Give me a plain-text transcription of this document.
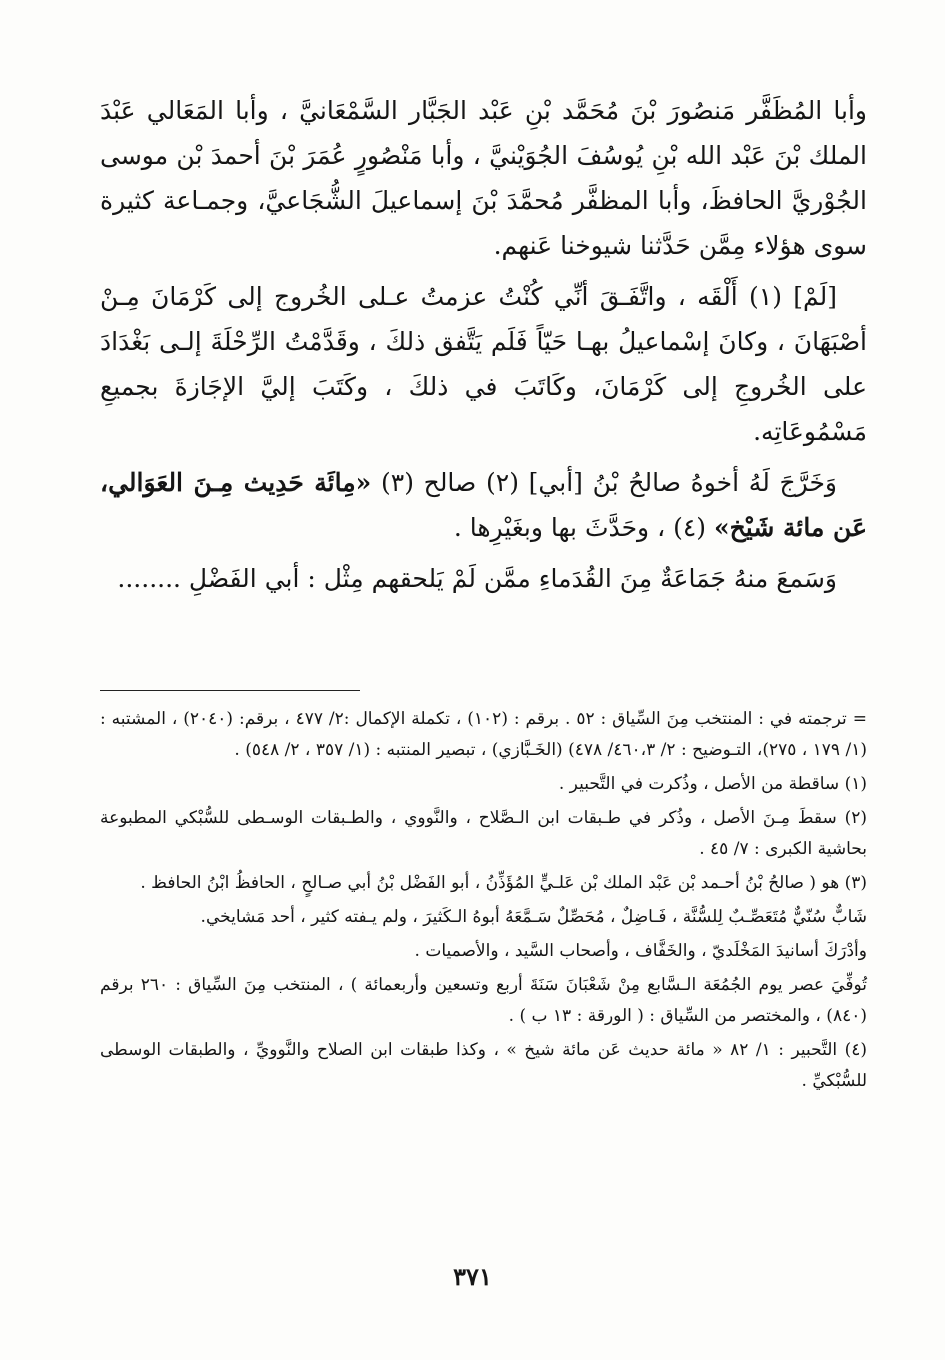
وأبا المُظَفَّر مَنصُورَ بْنَ مُحَمَّد بْنِ عَبْد الجَبَّار السَّمْعَانيَّ ، وأبا المَعَالي عَبْدَ الملك بْنَ عَبْد الله بْنِ يُوسُفَ الجُوَيْنيَّ ، وأبا مَنْصُورٍ عُمَرَ بْنَ أحمدَ بْن موسى الجُوْريَّ الحافظَ، وأبا المظفَّر مُحمَّدَ بْنَ إسماعيلَ الشُّجَاعيَّ، وجمـاعة كثيرة سوى هؤلاء مِمَّن حَدَّثنا شيوخنا عَنهم.

[لَمْ] (١) أَلْقَه ، واتَّفَـقَ أنِّي كُنْتُ عزمتُ عـلى الخُروج إلى كَرْمَانَ مِـنْ أصْبَهَانَ ، وكانَ إسْماعيلُ بهـا حَيّاً فَلَم يَتَّفق ذلكَ ، وقَدَّمْتُ الرِّحْلَةَ إلـى بَغْدَادَ على الخُروجِ إلى كَرْمَانَ، وكَاتَبَ في ذلكَ ، وكَتَبَ إليَّ الإجَازةَ بجميعِ مَسْمُوعَاتِه.

وَخَرَّجَ لَهُ أخوهُ صالحُ بْنُ [أبي] (٢) صالح (٣) «مِائَة حَدِيث مِـنَ العَوَالي، عَن مائة شَيْخ» (٤) ، وحَدَّثَ بها وبغَيْرِها .

وَسَمعَ منهُ جَمَاعَةٌ مِنَ القُدَماءِ ممَّن لَمْ يَلحقهم مِثْل : أبي الفَضْلِ ........

= ترجمته في : المنتخب مِنَ السِّياق : ٥٢ . برقم : (١٠٢) ، تكملة الإكمال :٢/ ٤٧٧ ، برقم: (٢٠٤٠) ، المشتبه : (١/ ١٧٩ ، ٢٧٥)، التـوضيح : ٢/ ٤٦٠،٣/ ٤٧٨) (الخَـبَّازي) ، تبصير المنتبه : (١/ ٣٥٧ ، ٢/ ٥٤٨) .

(١) ساقطة من الأصل ، وذُكرت في التَّحبير .

(٢) سقطَ مِـنَ الأصل ، وذُكر في طـبقات ابن الـصَّلاح ، والنَّووي ، والطـبقات الوسـطى للسُّبْكي المطبوعة بحاشية الكبرى : ٧/ ٤٥ .

(٣) هو ( صالحُ بْنُ أحـمد بْن عَبْد الملك بْن عَلـيٍّ المُؤَذِّنُ ، أبو الفَضْل بْنُ أبي صـالحٍ ، الحافظُ ابْنُ الحافظ .

شَابٌّ سُنّيٌّ مُتَعَصِّـبٌ لِلسُّنَّة ، فَـاضِلٌ ، مُحَصِّلٌ سَـمَّعَهُ أبوهُ الـكَثيرَ ، ولم يـفته كثير ، أحد مَشايخي.

وأدْرَكَ أسانيدَ المَخْلَديّ ، والخَفَّاف ، وأصحاب السَّيد ، والأصميات .

تُوفِّيَ عصر يوم الجُمُعَة الـسَّابع مِنْ شَعْبَانَ سَنَةَ أربع وتسعين وأربعمائة ) ، المنتخب مِنَ السِّياق : ٢٦٠ برقم (٨٤٠) ، والمختصر من السِّياق : ( الورقة : ١٣ ب ) .

(٤) التَّحبير : ١/ ٨٢ « مائة حديث عَن مائة شيخ » ، وكذا طبقات ابن الصلاح والنَّوويِّ ، والطبقات الوسطى للسُّبْكيِّ .

٣٧١
